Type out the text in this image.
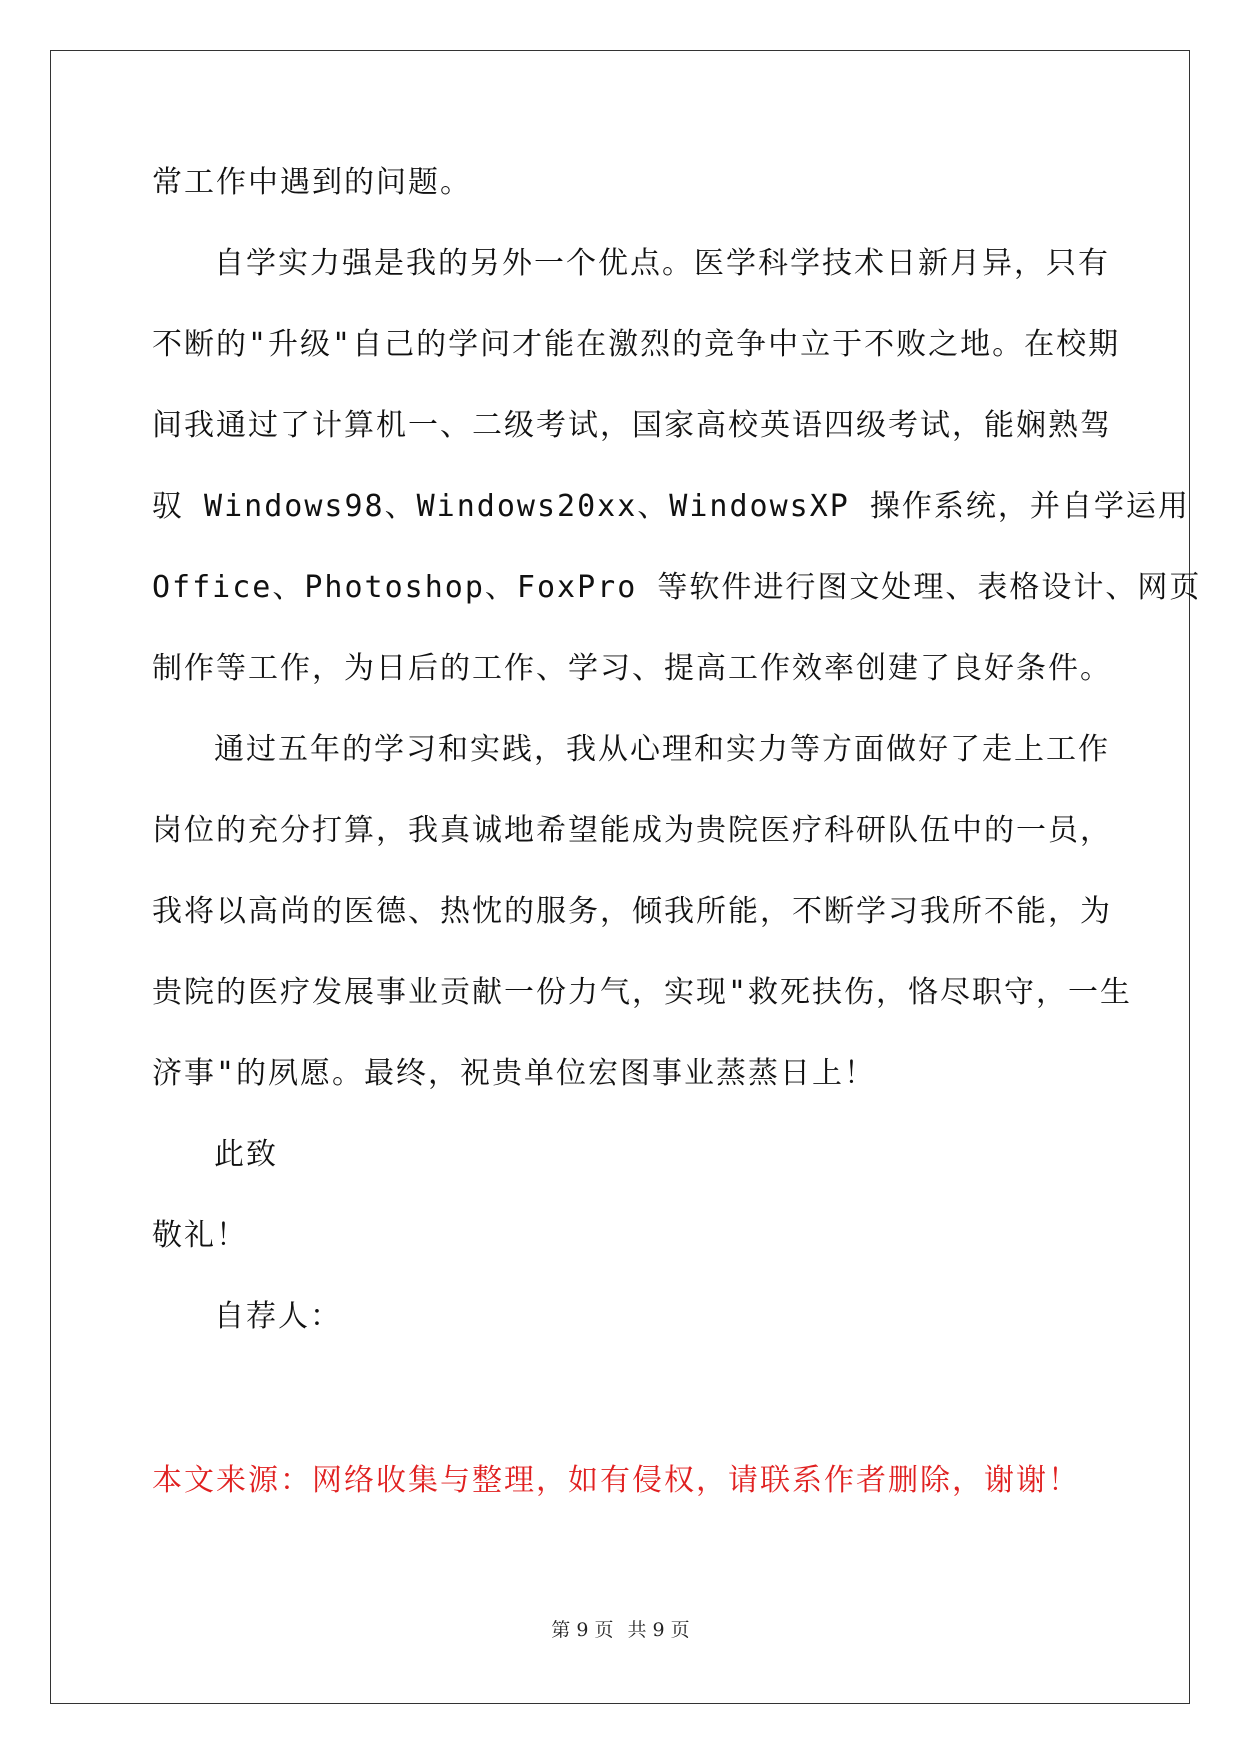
常工作中遇到的问题。
自学实力强是我的另外一个优点。医学科学技术日新月异，只有
不断的"升级"自己的学问才能在激烈的竞争中立于不败之地。在校期
间我通过了计算机一、二级考试，国家高校英语四级考试，能娴熟驾
驭 Windows98、Windows20xx、WindowsXP 操作系统，并自学运用
Office、Photoshop、FoxPro 等软件进行图文处理、表格设计、网页
制作等工作，为日后的工作、学习、提高工作效率创建了良好条件。
通过五年的学习和实践，我从心理和实力等方面做好了走上工作
岗位的充分打算，我真诚地希望能成为贵院医疗科研队伍中的一员，
我将以高尚的医德、热忱的服务，倾我所能，不断学习我所不能，为
贵院的医疗发展事业贡献一份力气，实现"救死扶伤，恪尽职守，一生
济事"的夙愿。最终，祝贵单位宏图事业蒸蒸日上！
此致
敬礼！
自荐人：
本文来源：网络收集与整理，如有侵权，请联系作者删除，谢谢！
第 9 页 共 9 页
